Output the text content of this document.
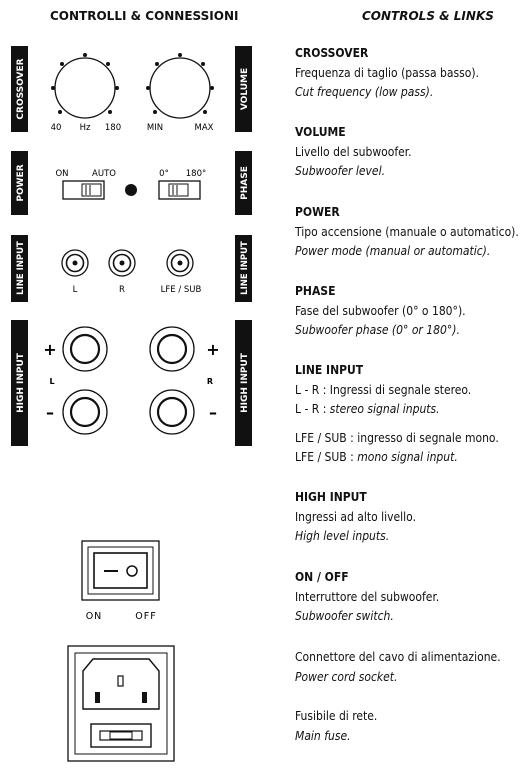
CONTROLLI & CONNESSIONI	CONTROLS & LINKS
CROSSOVER	VOLUME
POWER	PHASE
LINE INPUT	LINE INPUT
HIGH INPUT	HIGH INPUT
40 Hz 180	MIN	MAX
ON	AUTO	0° 180°
L	R	LFE / SUB
+
–
+
–
L	R
ON	OFF
CROSSOVER
Frequenza di taglio (passa basso).
Cut frequency (low pass).
VOLUME
Livello del subwoofer.
Subwoofer level.
POWER
Tipo accensione (manuale o automatico).
Power mode (manual or automatic).
PHASE
Fase del subwoofer (0° o 180°).
Subwoofer phase (0° or 180°).
LINE INPUT
L - R : Ingressi di segnale stereo.
L - R : stereo signal inputs.
LFE / SUB : ingresso di segnale mono.
LFE / SUB : mono signal input.
HIGH INPUT
Ingressi ad alto livello.
High level inputs.
ON / OFF
Interruttore del subwoofer.
Subwoofer switch.
Connettore del cavo di alimentazione.
Power cord socket.
Fusibile di rete.
Main fuse.
